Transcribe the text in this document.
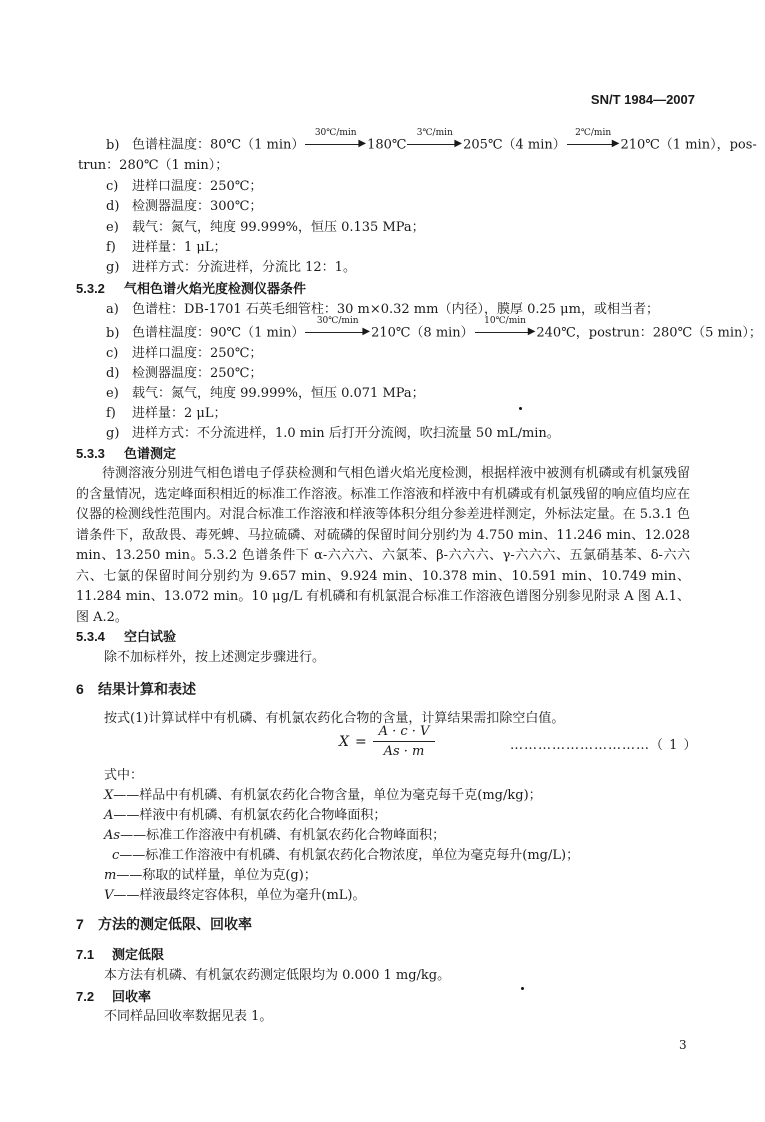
SN/T 1984—2007
b) 色谱柱温度：80℃（1 min）
30℃/min
▶180℃
3℃/min
▶205℃（4 min）
2℃/min
▶210℃（1 min），pos-
trun：280℃（1 min）；
c) 进样口温度：250℃；
d) 检测器温度：300℃；
e) 载气：氮气，纯度 99.999%，恒压 0.135 MPa；
f) 进样量：1 μL；
g) 进样方式：分流进样，分流比 12：1。
5.3.2 气相色谱火焰光度检测仪器条件
a) 色谱柱：DB-1701 石英毛细管柱：30 m×0.32 mm（内径），膜厚 0.25 μm，或相当者；
b) 色谱柱温度：90℃（1 min）
30℃/min
▶210℃（8 min）
10℃/min
▶240℃，postrun：280℃（5 min）；
c) 进样口温度：250℃；
d) 检测器温度：250℃；
e) 载气：氮气，纯度 99.999%，恒压 0.071 MPa；
f) 进样量：2 μL；
g) 进样方式：不分流进样，1.0 min 后打开分流阀，吹扫流量 50 mL/min。
5.3.3 色谱测定
待测溶液分别进气相色谱电子俘获检测和气相色谱火焰光度检测，根据样液中被测有机磷或有机氯残留的含量情况，选定峰面积相近的标准工作溶液。标准工作溶液和样液中有机磷或有机氯残留的响应值均应在仪器的检测线性范围内。对混合标准工作溶液和样液等体积分组分参差进样测定，外标法定量。在 5.3.1 色谱条件下，敌敌畏、毒死蜱、马拉硫磷、对硫磷的保留时间分别约为 4.750 min、11.246 min、12.028 min、13.250 min。5.3.2 色谱条件下 α-六六六、六氯苯、β-六六六、γ-六六六、五氯硝基苯、δ-六六六、七氯的保留时间分别约为 9.657 min、9.924 min、10.378 min、10.591 min、10.749 min、11.284 min、13.072 min。10 μg/L 有机磷和有机氯混合标准工作溶液色谱图分别参见附录 A 图 A.1、图 A.2。
5.3.4 空白试验
除不加标样外，按上述测定步骤进行。
6 结果计算和表述
按式(1)计算试样中有机磷、有机氯农药化合物的含量，计算结果需扣除空白值。
X =
A · c · V
As · m	…………………………（ 1 ）
式中：
X——样品中有机磷、有机氯农药化合物含量，单位为毫克每千克(mg/kg)；
A——样液中有机磷、有机氯农药化合物峰面积；
As——标准工作溶液中有机磷、有机氯农药化合物峰面积；
c——标准工作溶液中有机磷、有机氯农药化合物浓度，单位为毫克每升(mg/L)；
m——称取的试样量，单位为克(g)；
V——样液最终定容体积，单位为毫升(mL)。
7 方法的测定低限、回收率
7.1 测定低限
本方法有机磷、有机氯农药测定低限均为 0.000 1 mg/kg。
7.2 回收率
不同样品回收率数据见表 1。
3
